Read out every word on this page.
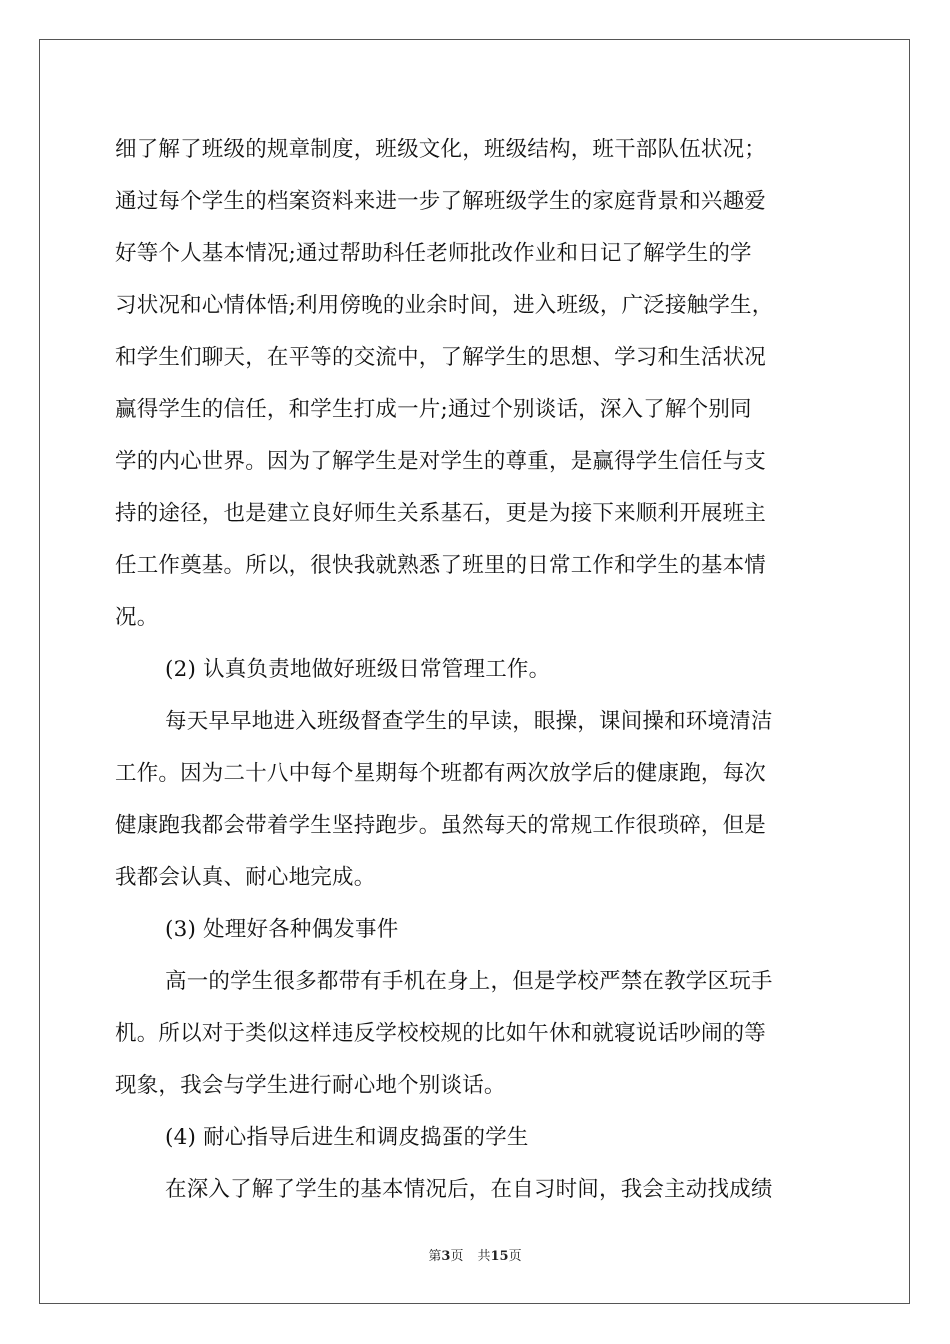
细了解了班级的规章制度，班级文化，班级结构，班干部队伍状况；
通过每个学生的档案资料来进一步了解班级学生的家庭背景和兴趣爱
好等个人基本情况;通过帮助科任老师批改作业和日记了解学生的学
习状况和心情体悟;利用傍晚的业余时间，进入班级，广泛接触学生，
和学生们聊天，在平等的交流中，了解学生的思想、学习和生活状况
赢得学生的信任，和学生打成一片;通过个别谈话，深入了解个别同
学的内心世界。因为了解学生是对学生的尊重，是赢得学生信任与支
持的途径，也是建立良好师生关系基石，更是为接下来顺利开展班主
任工作奠基。所以，很快我就熟悉了班里的日常工作和学生的基本情
况。
(2) 认真负责地做好班级日常管理工作。
每天早早地进入班级督查学生的早读，眼操，课间操和环境清洁
工作。因为二十八中每个星期每个班都有两次放学后的健康跑，每次
健康跑我都会带着学生坚持跑步。虽然每天的常规工作很琐碎，但是
我都会认真、耐心地完成。
(3) 处理好各种偶发事件
高一的学生很多都带有手机在身上，但是学校严禁在教学区玩手
机。所以对于类似这样违反学校校规的比如午休和就寝说话吵闹的等
现象，我会与学生进行耐心地个别谈话。
(4) 耐心指导后进生和调皮捣蛋的学生
在深入了解了学生的基本情况后，在自习时间，我会主动找成绩
第3页 共15页
